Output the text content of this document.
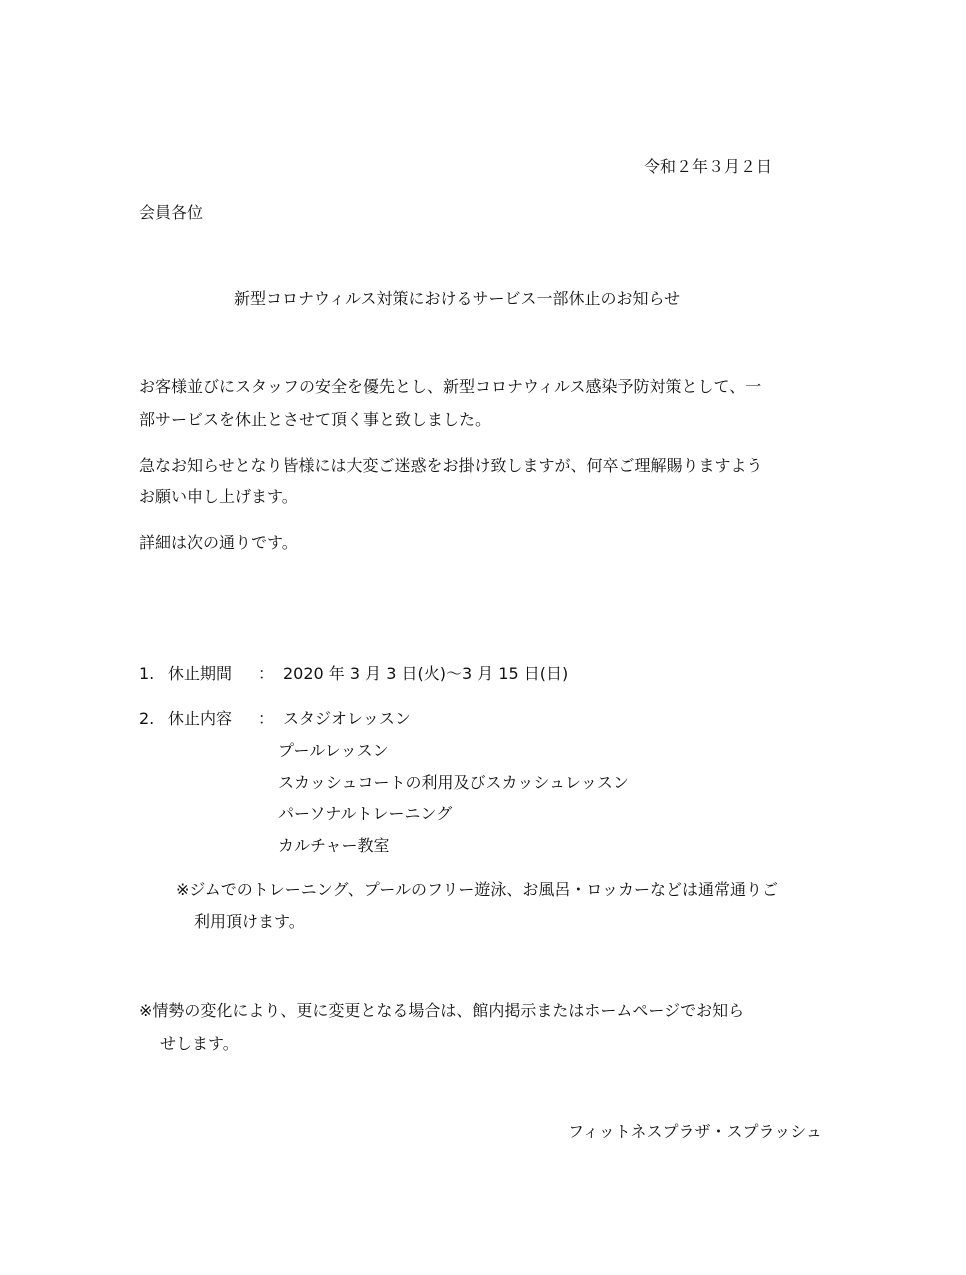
令和２年３月２日
会員各位
新型コロナウィルス対策におけるサービス一部休止のお知らせ
お客様並びにスタッフの安全を優先とし、新型コロナウィルス感染予防対策として、一
部サービスを休止とさせて頂く事と致しました。
急なお知らせとなり皆様には大変ご迷惑をお掛け致しますが、何卒ご理解賜りますよう
お願い申し上げます。
詳細は次の通りです。
1. 休止期間 ： 2020 年 3 月 3 日(火)～3 月 15 日(日)
2. 休止内容 ： スタジオレッスン
プールレッスン
スカッシュコートの利用及びスカッシュレッスン
パーソナルトレーニング
カルチャー教室
※ジムでのトレーニング、プールのフリー遊泳、お風呂・ロッカーなどは通常通りご
利用頂けます。
※情勢の変化により、更に変更となる場合は、館内掲示またはホームページでお知ら
せします。
フィットネスプラザ・スプラッシュ
